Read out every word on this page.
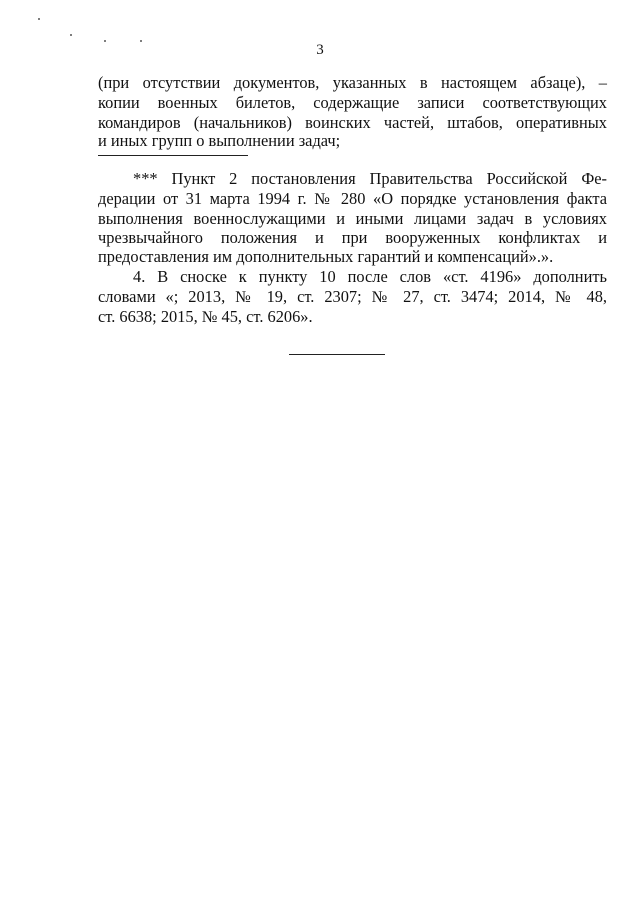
3
(при отсутствии документов, указанных в настоящем абзаце), –
копии военных билетов, содержащие записи соответствующих
командиров (начальников) воинских частей, штабов, оперативных
и иных групп о выполнении задач;
*** Пункт 2 постановления Правительства Российской Фе-
дерации от 31 марта 1994 г. № 280 «О порядке установления факта
выполнения военнослужащими и иными лицами задач в условиях
чрезвычайного положения и при вооруженных конфликтах и
предоставления им дополнительных гарантий и компенсаций».».
4. В сноске к пункту 10 после слов «ст. 4196» дополнить
словами «; 2013, № 19, ст. 2307; № 27, ст. 3474; 2014, № 48,
ст. 6638; 2015, № 45, ст. 6206».
